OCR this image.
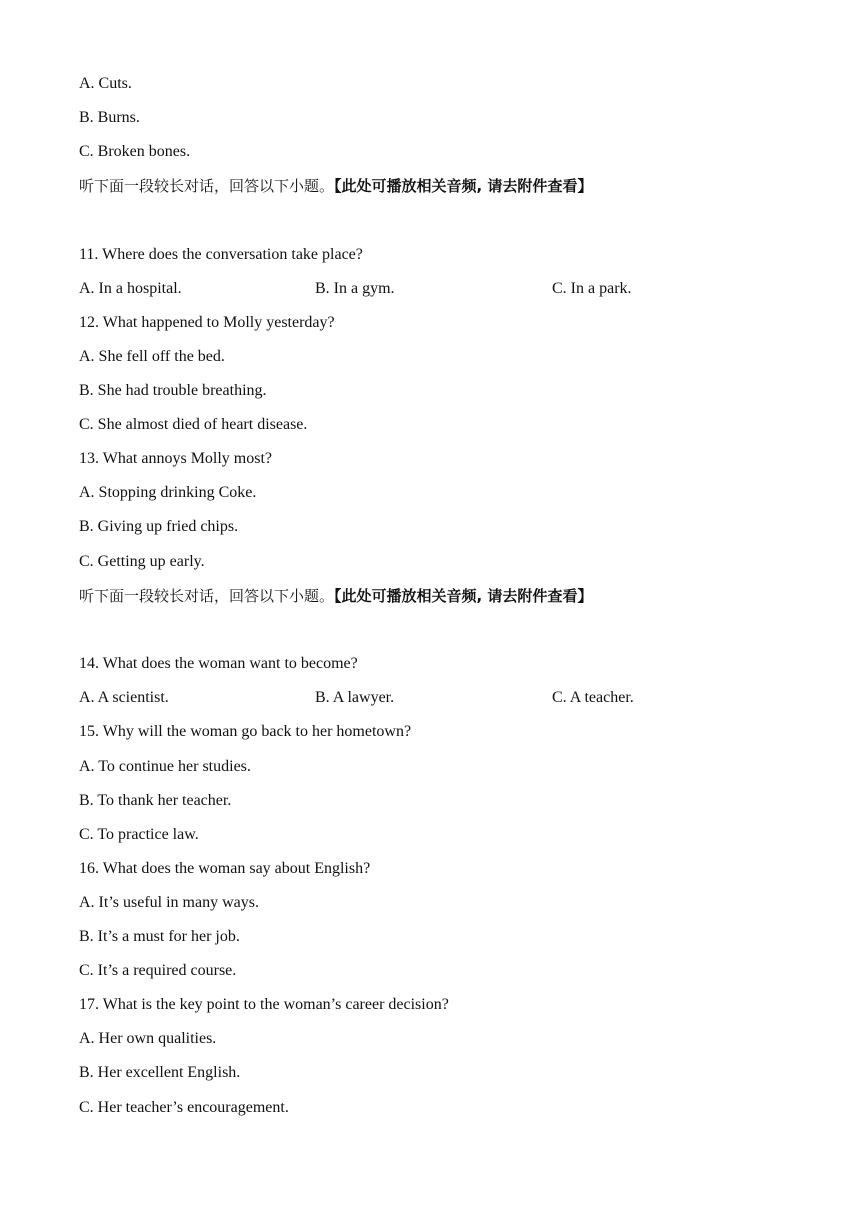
A. Cuts.
B. Burns.
C. Broken bones.
听下面一段较长对话，回答以下小题。【此处可播放相关音频, 请去附件查看】
11. Where does the conversation take place?
A. In a hospital.	B. In a gym.	C. In a park.
12. What happened to Molly yesterday?
A. She fell off the bed.
B. She had trouble breathing.
C. She almost died of heart disease.
13. What annoys Molly most?
A. Stopping drinking Coke.
B. Giving up fried chips.
C. Getting up early.
听下面一段较长对话，回答以下小题。【此处可播放相关音频, 请去附件查看】
14. What does the woman want to become?
A. A scientist.	B. A lawyer.	C. A teacher.
15. Why will the woman go back to her hometown?
A. To continue her studies.
B. To thank her teacher.
C. To practice law.
16. What does the woman say about English?
A. It’s useful in many ways.
B. It’s a must for her job.
C. It’s a required course.
17. What is the key point to the woman’s career decision?
A. Her own qualities.
B. Her excellent English.
C. Her teacher’s encouragement.
